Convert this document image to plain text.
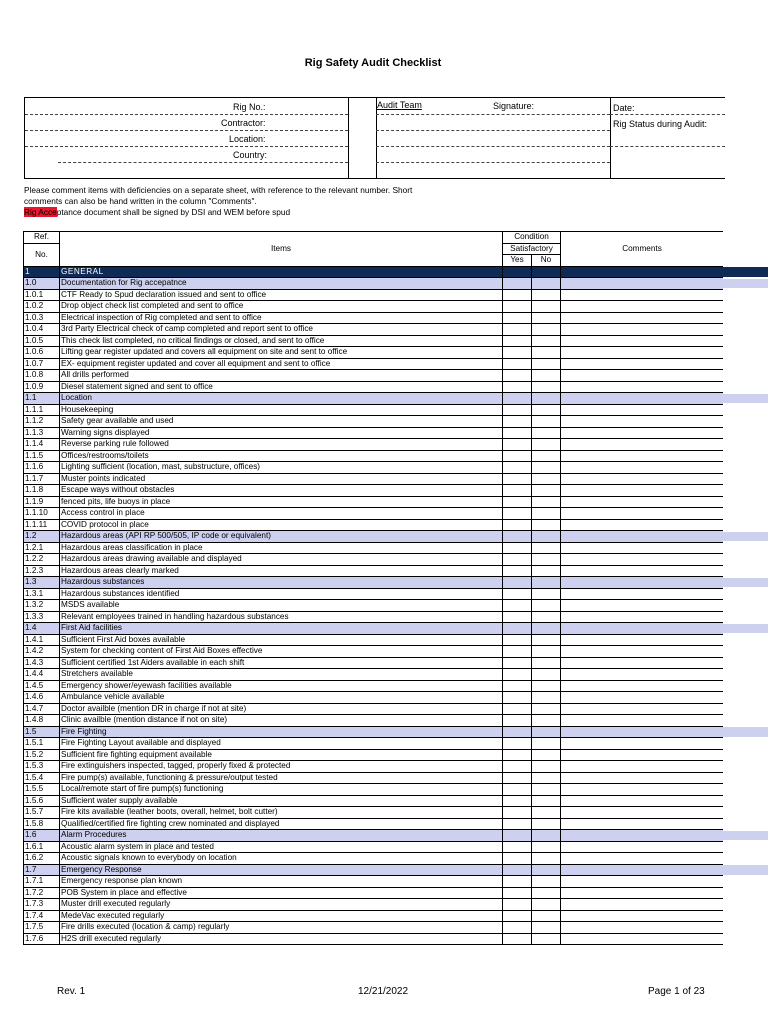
Rig Safety Audit Checklist
Rig No.:
Contractor:
Location:
Country:
Audit Team	Signature:	Date:
Rig Status during Audit:
Please comment items with deficiencies on a separate sheet, with reference to the relevant number. Short
comments can also be hand written in the column "Comments".
Rig Acceptance document shall be signed by DSI and WEM before spud
Ref.	Items	Condition		Comments
No.		Satisfactory		
		Yes	No	
1	GENERAL			
1.0	Documentation for Rig accepatnce			
1.0.1	CTF Ready to Spud declaration issued and sent to office			
1.0.2	Drop object check list completed and sent to office			
1.0.3	Electrical inspection of Rig completed and sent to office			
1.0.4	3rd Party Electrical check of camp completed and report sent to office			
1.0.5	This check list completed, no critical findings or closed, and sent to office			
1.0.6	Lifting gear register updated and covers all equipment on site and sent to office			
1.0.7	EX- equipment register updated and cover all equipment and sent to office			
1.0.8	All drills performed			
1.0.9	Diesel statement signed and sent to office			
1.1	Location			
1.1.1	Housekeeping			
1.1.2	Safety gear available and used			
1.1.3	Warning signs displayed			
1.1.4	Reverse parking rule followed			
1.1.5	Offices/restrooms/toilets			
1.1.6	Lighting sufficient (location, mast, substructure, offices)			
1.1.7	Muster points indicated			
1.1.8	Escape ways without obstacles			
1.1.9	fenced pits, life buoys in place			
1.1.10	Access control in place			
1.1.11	COVID protocol in place			
1.2	Hazardous areas (API RP 500/505, IP code or equivalent)			
1.2.1	Hazardous areas classification in place			
1.2.2	Hazardous areas drawing available and displayed			
1.2.3	Hazardous areas clearly marked			
1.3	Hazardous substances			
1.3.1	Hazardous substances identified			
1.3.2	MSDS available			
1.3.3	Relevant employees trained in handling hazardous substances			
1.4	First Aid facilities			
1.4.1	Sufficient First Aid boxes available			
1.4.2	System for checking content of First Aid Boxes effective			
1.4.3	Sufficient certified 1st Aiders available in each shift			
1.4.4	Stretchers available			
1.4.5	Emergency shower/eyewash facilities available			
1.4.6	Ambulance vehicle available			
1.4.7	Doctor availble (mention DR in charge if not at site)			
1.4.8	Clinic availble (mention distance if not on site)			
1.5	Fire Fighting			
1.5.1	Fire Fighting Layout available and displayed			
1.5.2	Sufficient fire fighting equipment available			
1.5.3	Fire extinguishers inspected, tagged, properly fixed & protected			
1.5.4	Fire pump(s) available, functioning & pressure/output tested			
1.5.5	Local/remote start of fire pump(s) functioning			
1.5.6	Sufficient water supply available			
1.5.7	Fire kits available (leather boots, overall, helmet, bolt cutter)			
1.5.8	Qualified/certified fire fighting crew nominated and displayed			
1.6	Alarm Procedures			
1.6.1	Acoustic alarm system in place and tested			
1.6.2	Acoustic signals known to everybody on location			
1.7	Emergency Response			
1.7.1	Emergency response plan known			
1.7.2	POB System in place and effective			
1.7.3	Muster drill executed regularly			
1.7.4	MedeVac executed regularly			
1.7.5	Fire drills executed (location & camp) regularly			
1.7.6	H2S drill executed regularly			
Rev. 1	12/21/2022	Page 1 of 23
